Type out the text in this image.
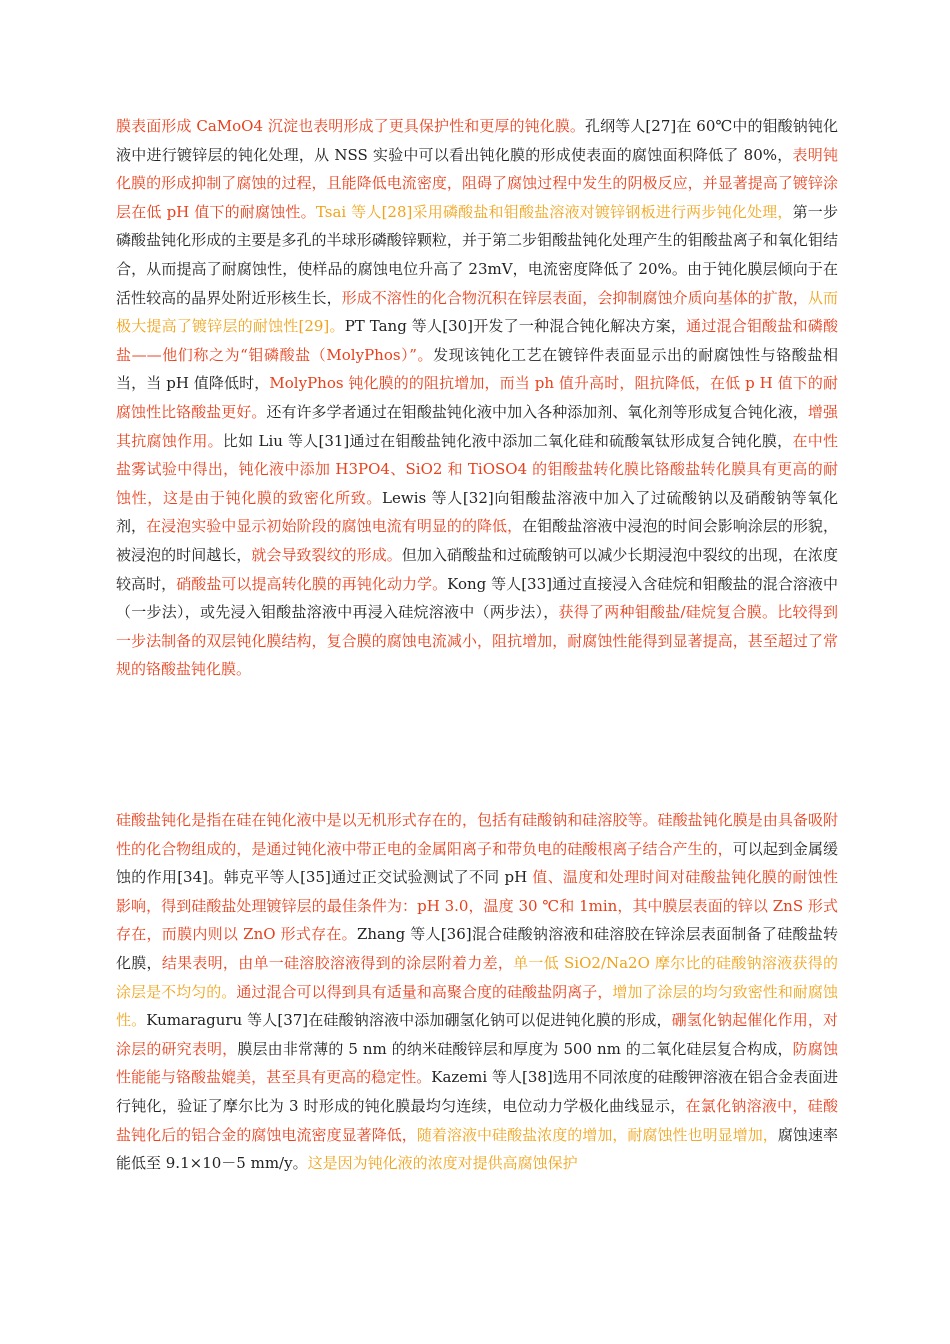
膜表面形成 CaMoO4 沉淀也表明形成了更具保护性和更厚的钝化膜。孔纲等人[27]在 60℃中的钼酸钠钝化液中进行镀锌层的钝化处理，从 NSS 实验中可以看出钝化膜的形成使表面的腐蚀面积降低了 80%，表明钝化膜的形成抑制了腐蚀的过程，且能降低电流密度，阻碍了腐蚀过程中发生的阴极反应，并显著提高了镀锌涂层在低 pH 值下的耐腐蚀性。Tsai 等人[28]采用磷酸盐和钼酸盐溶液对镀锌钢板进行两步钝化处理，第一步磷酸盐钝化形成的主要是多孔的半球形磷酸锌颗粒，并于第二步钼酸盐钝化处理产生的钼酸盐离子和氧化钼结合，从而提高了耐腐蚀性，使样品的腐蚀电位升高了 23mV，电流密度降低了 20%。由于钝化膜层倾向于在活性较高的晶界处附近形核生长，形成不溶性的化合物沉积在锌层表面，会抑制腐蚀介质向基体的扩散，从而极大提高了镀锌层的耐蚀性[29]。PT Tang 等人[30]开发了一种混合钝化解决方案，通过混合钼酸盐和磷酸盐——他们称之为“钼磷酸盐（MolyPhos）”。发现该钝化工艺在镀锌件表面显示出的耐腐蚀性与铬酸盐相当，当 pH 值降低时，MolyPhos 钝化膜的的阻抗增加，而当 ph 值升高时，阻抗降低，在低 p H 值下的耐腐蚀性比铬酸盐更好。还有许多学者通过在钼酸盐钝化液中加入各种添加剂、氧化剂等形成复合钝化液，增强其抗腐蚀作用。比如 Liu 等人[31]通过在钼酸盐钝化液中添加二氧化硅和硫酸氧钛形成复合钝化膜，在中性盐雾试验中得出，钝化液中添加 H3PO4、SiO2 和 TiOSO4 的钼酸盐转化膜比铬酸盐转化膜具有更高的耐蚀性，这是由于钝化膜的致密化所致。Lewis 等人[32]向钼酸盐溶液中加入了过硫酸钠以及硝酸钠等氧化剂，在浸泡实验中显示初始阶段的腐蚀电流有明显的的降低，在钼酸盐溶液中浸泡的时间会影响涂层的形貌，被浸泡的时间越长，就会导致裂纹的形成。但加入硝酸盐和过硫酸钠可以减少长期浸泡中裂纹的出现，在浓度较高时，硝酸盐可以提高转化膜的再钝化动力学。Kong 等人[33]通过直接浸入含硅烷和钼酸盐的混合溶液中（一步法），或先浸入钼酸盐溶液中再浸入硅烷溶液中（两步法），获得了两种钼酸盐/硅烷复合膜。比较得到一步法制备的双层钝化膜结构，复合膜的腐蚀电流减小，阻抗增加，耐腐蚀性能得到显著提高，甚至超过了常规的铬酸盐钝化膜。

硅酸盐钝化是指在硅在钝化液中是以无机形式存在的，包括有硅酸钠和硅溶胶等。硅酸盐钝化膜是由具备吸附性的化合物组成的，是通过钝化液中带正电的金属阳离子和带负电的硅酸根离子结合产生的，可以起到金属缓蚀的作用[34]。韩克平等人[35]通过正交试验测试了不同 pH 值、温度和处理时间对硅酸盐钝化膜的耐蚀性影响，得到硅酸盐处理镀锌层的最佳条件为：pH 3.0，温度 30 ℃和 1min，其中膜层表面的锌以 ZnS 形式存在，而膜内则以 ZnO 形式存在。Zhang 等人[36]混合硅酸钠溶液和硅溶胶在锌涂层表面制备了硅酸盐转化膜，结果表明，由单一硅溶胶溶液得到的涂层附着力差，单一低 SiO2/Na2O 摩尔比的硅酸钠溶液获得的涂层是不均匀的。通过混合可以得到具有适量和高聚合度的硅酸盐阴离子，增加了涂层的均匀致密性和耐腐蚀性。Kumaraguru 等人[37]在硅酸钠溶液中添加硼氢化钠可以促进钝化膜的形成，硼氢化钠起催化作用，对涂层的研究表明，膜层由非常薄的 5 nm 的纳米硅酸锌层和厚度为 500 nm 的二氧化硅层复合构成，防腐蚀性能能与铬酸盐媲美，甚至具有更高的稳定性。Kazemi 等人[38]选用不同浓度的硅酸钾溶液在铝合金表面进行钝化，验证了摩尔比为 3 时形成的钝化膜最均匀连续，电位动力学极化曲线显示，在氯化钠溶液中，硅酸盐钝化后的铝合金的腐蚀电流密度显著降低，随着溶液中硅酸盐浓度的增加，耐腐蚀性也明显增加，腐蚀速率能低至 9.1×10－5 mm/y。这是因为钝化液的浓度对提供高腐蚀保护
